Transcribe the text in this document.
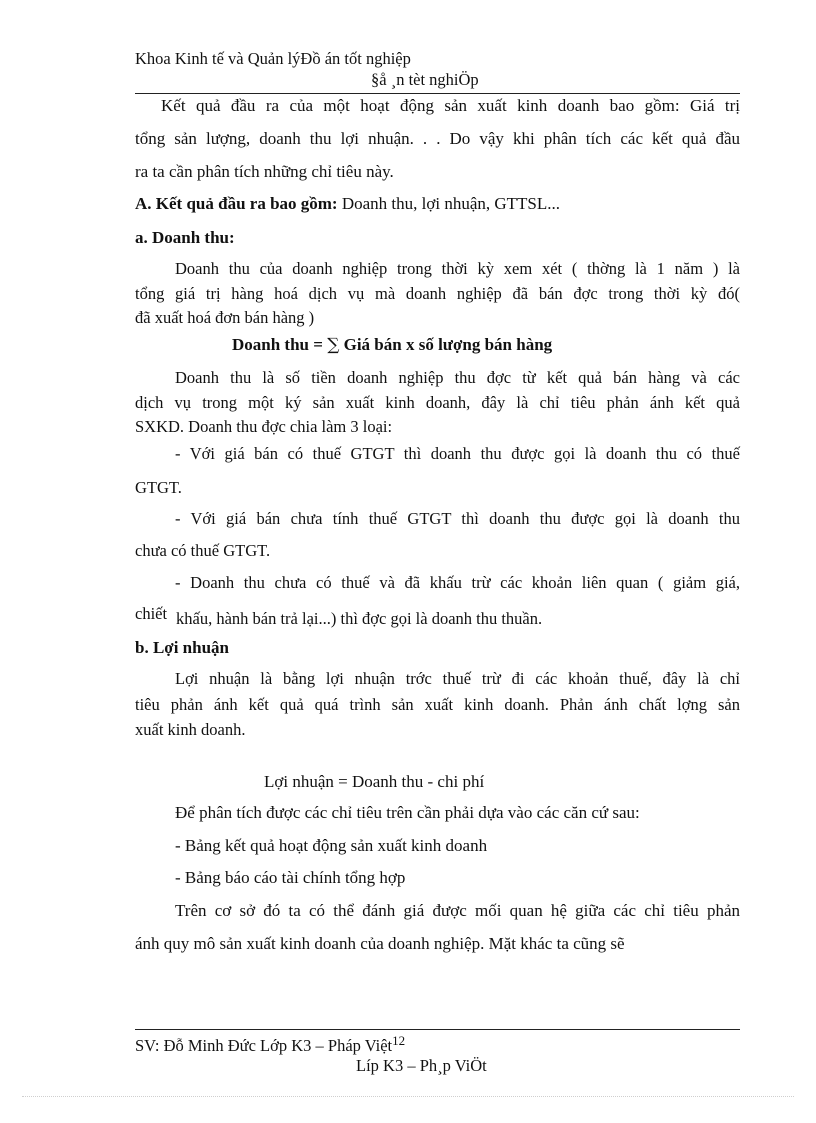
Khoa Kinh tế và Quản lýĐồ án tốt nghiệp
§å ¸n tèt nghiÖp
Kết quả đầu ra của một hoạt động sản xuất kinh doanh bao gồm: Giá trị
tổng sản lượng, doanh thu lợi nhuận. . . Do vậy khi phân tích các kết quả đầu
ra ta cần phân tích những chỉ tiêu này.
A. Kết quả đầu ra bao gồm: Doanh thu, lợi nhuận, GTTSL...
a. Doanh thu:
Doanh thu của doanh nghiệp trong thời kỳ xem xét ( thờng là 1 năm ) là
tổng giá trị hàng hoá dịch vụ mà doanh nghiệp đã bán đợc trong thời kỳ đó(
đã xuất hoá đơn bán hàng )
Doanh thu = ∑ Giá bán x số lượng bán hàng
Doanh thu là số tiền doanh nghiệp thu đợc từ kết quả bán hàng và các
dịch vụ trong một ký sản xuất kinh doanh, đây là chỉ tiêu phản ánh kết quả
SXKD. Doanh thu đợc chia làm 3 loại:
- Với giá bán có thuế GTGT thì doanh thu được gọi là doanh thu có thuế
GTGT.
- Với giá bán chưa tính thuế GTGT thì doanh thu được gọi là doanh thu
chưa có thuế GTGT.
- Doanh thu chưa có thuế và đã khấu trừ các khoản liên quan ( giảm giá,
chiết khấu, hành bán trả lại...) thì đợc gọi là doanh thu thuần.
b. Lợi nhuận
Lợi nhuận là bằng lợi nhuận trớc thuế trừ đi các khoản thuế, đây là chỉ
tiêu phản ánh kết quả quá trình sản xuất kinh doanh. Phản ánh chất lợng sản
xuất kinh doanh.
Lợi nhuận = Doanh thu - chi phí
Để phân tích được các chỉ tiêu trên cần phải dựa vào các căn cứ sau:
- Bảng kết quả hoạt động sản xuất kinh doanh
- Bảng báo cáo tài chính tổng hợp
Trên cơ sở đó ta có thể đánh giá được mối quan hệ giữa các chỉ tiêu phản
ánh quy mô sản xuất kinh doanh của doanh nghiệp. Mặt khác ta cũng sẽ
SV: Đỗ Minh Đức Lớp K3 – Pháp Việt$^{12}$
Líp K3 – Ph¸p ViÖt
